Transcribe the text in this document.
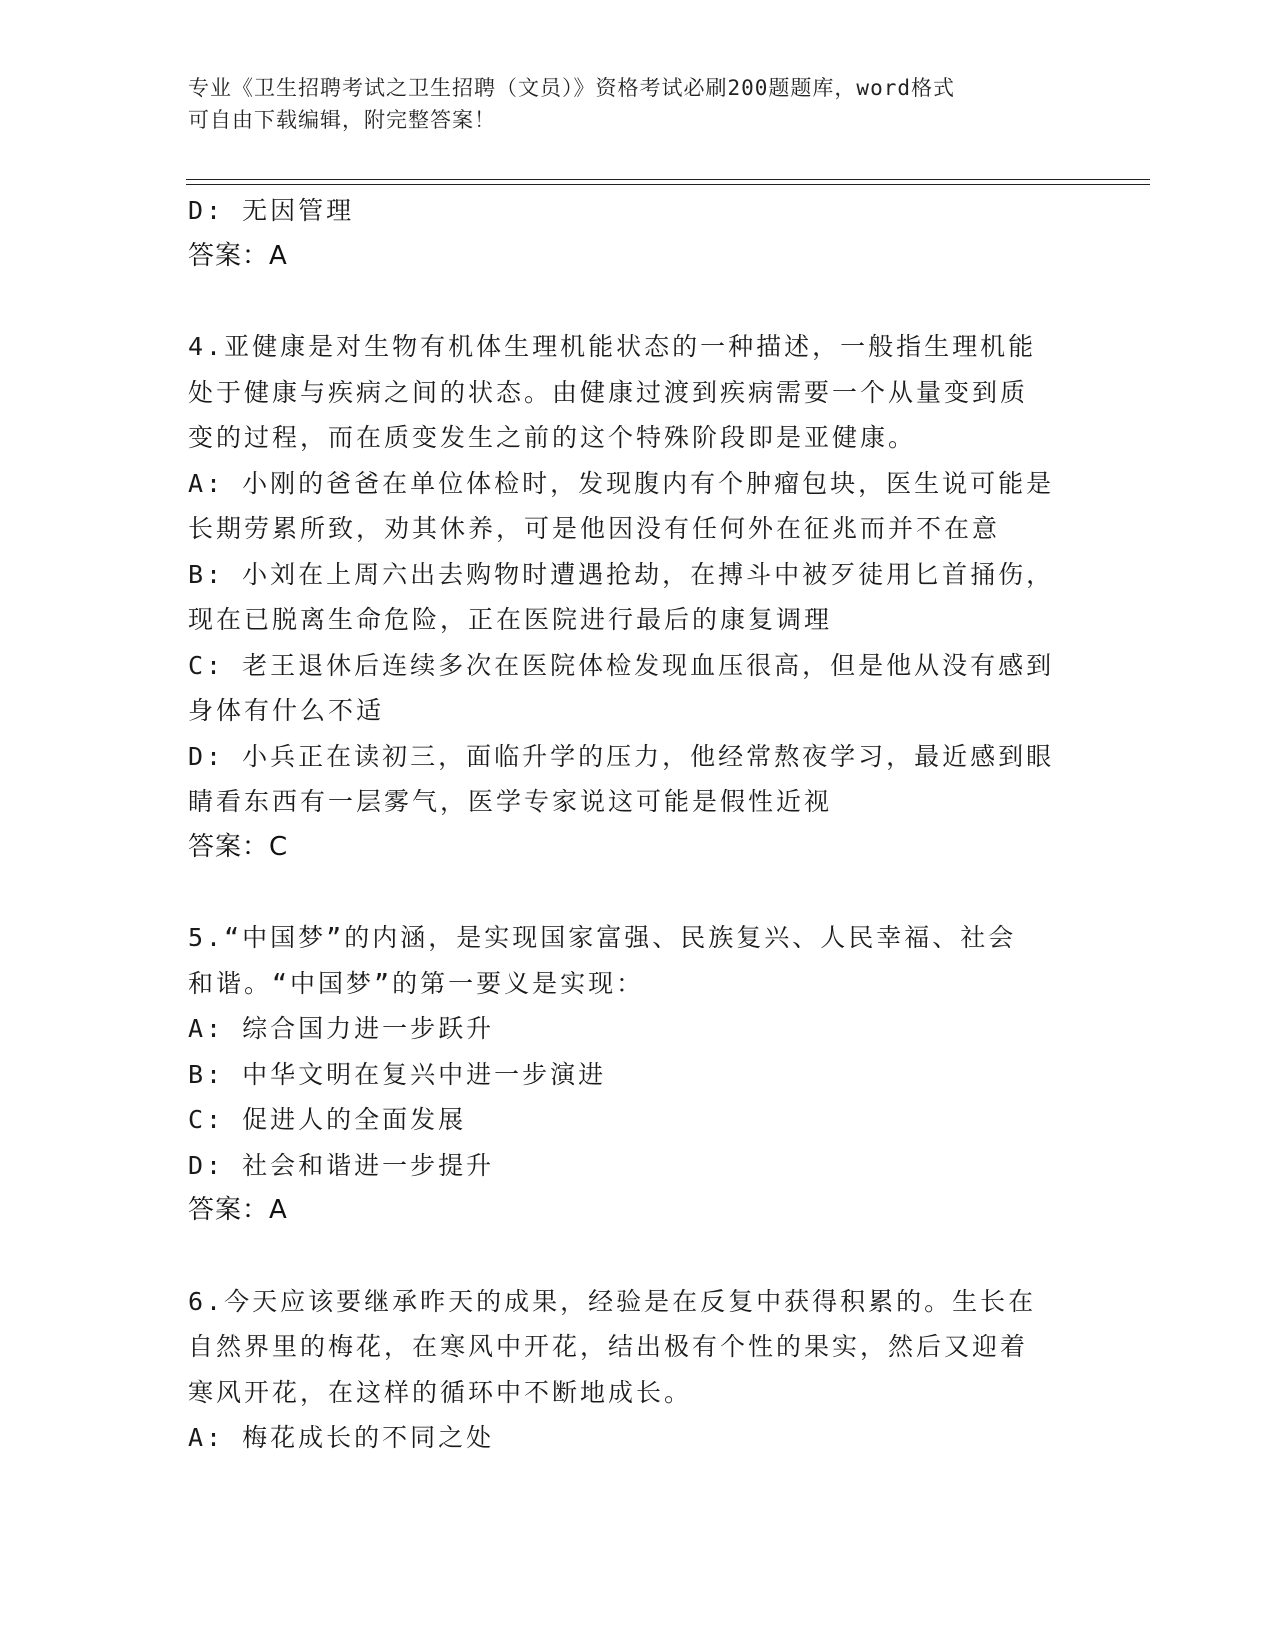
专业《卫生招聘考试之卫生招聘（文员）》资格考试必刷200题题库，word格式
可自由下载编辑，附完整答案！
D: 无因管理
答案：A
4.亚健康是对生物有机体生理机能状态的一种描述，一般指生理机能
处于健康与疾病之间的状态。由健康过渡到疾病需要一个从量变到质
变的过程，而在质变发生之前的这个特殊阶段即是亚健康。
A: 小刚的爸爸在单位体检时，发现腹内有个肿瘤包块，医生说可能是
长期劳累所致，劝其休养，可是他因没有任何外在征兆而并不在意
B: 小刘在上周六出去购物时遭遇抢劫，在搏斗中被歹徒用匕首捅伤，
现在已脱离生命危险，正在医院进行最后的康复调理
C: 老王退休后连续多次在医院体检发现血压很高，但是他从没有感到
身体有什么不适
D: 小兵正在读初三，面临升学的压力，他经常熬夜学习，最近感到眼
睛看东西有一层雾气，医学专家说这可能是假性近视
答案：C
5.“中国梦”的内涵，是实现国家富强、民族复兴、人民幸福、社会
和谐。“中国梦”的第一要义是实现：
A: 综合国力进一步跃升
B: 中华文明在复兴中进一步演进
C: 促进人的全面发展
D: 社会和谐进一步提升
答案：A
6.今天应该要继承昨天的成果，经验是在反复中获得积累的。生长在
自然界里的梅花，在寒风中开花，结出极有个性的果实，然后又迎着
寒风开花，在这样的循环中不断地成长。
A: 梅花成长的不同之处
